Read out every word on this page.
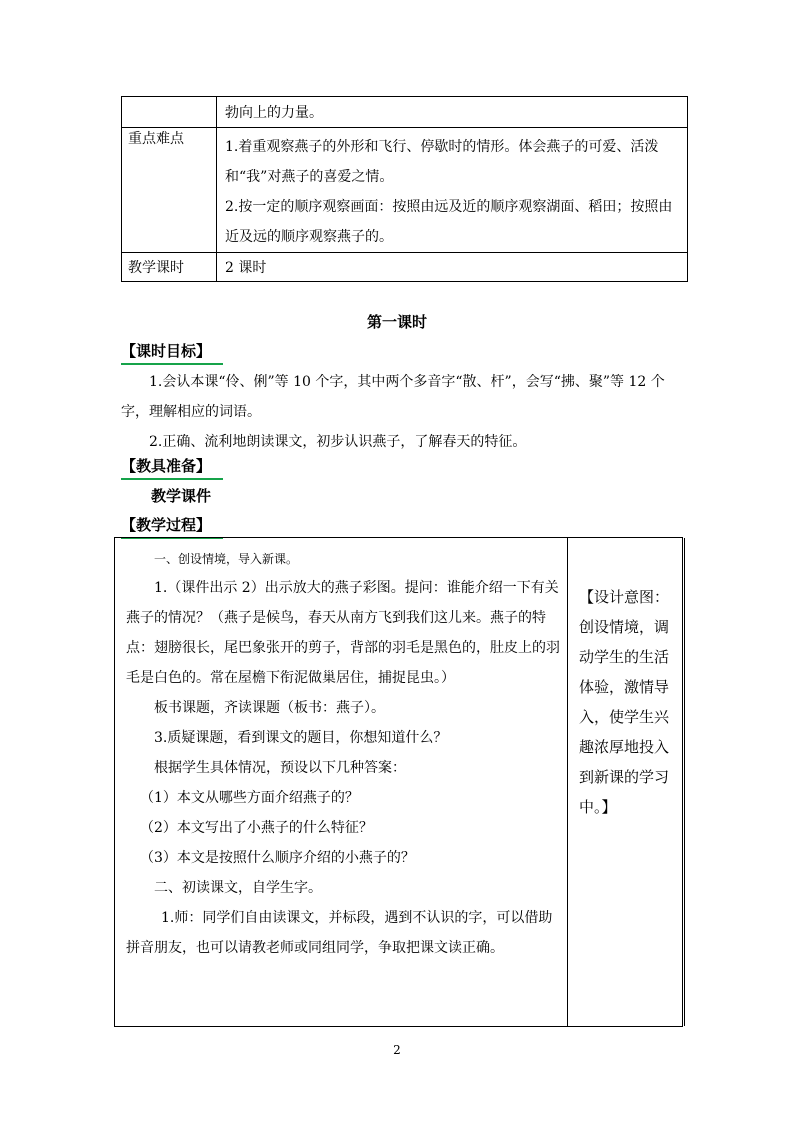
	勃向上的力量。
重点难点	1.着重观察燕子的外形和飞行、停歇时的情形。体会燕子的可爱、活泼和“我”对燕子的喜爱之情。

2.按一定的顺序观察画面：按照由远及近的顺序观察湖面、稻田；按照由近及远的顺序观察燕子的。

教学课时	2 课时
第一课时
【课时目标】

1.会认本课“伶、俐”等 10 个字，其中两个多音字“散、杆”，会写“拂、聚”等 12 个字，理解相应的词语。

2.正确、流利地朗读课文，初步认识燕子，了解春天的特征。

【教具准备】
教学课件
【教学过程】

一、创设情境，导入新课。

1.（课件出示 2）出示放大的燕子彩图。提问：谁能介绍一下有关燕子的情况？（燕子是候鸟，春天从南方飞到我们这儿来。燕子的特点：翅膀很长，尾巴象张开的剪子，背部的羽毛是黑色的，肚皮上的羽毛是白色的。常在屋檐下衔泥做巢居住，捕捉昆虫。）

板书课题，齐读课题（板书：燕子）。

3.质疑课题，看到课文的题目，你想知道什么？

根据学生具体情况，预设以下几种答案：

（1）本文从哪些方面介绍燕子的？

（2）本文写出了小燕子的什么特征？

（3）本文是按照什么顺序介绍的小燕子的？

二、初读课文，自学生字。

1.师：同学们自由读课文，并标段，遇到不认识的字，可以借助拼音朋友，也可以请教老师或同组同学，争取把课文读正确。

【设计意图：创设情境，调动学生的生活体验，激情导入，使学生兴趣浓厚地投入到新课的学习中。】
2
